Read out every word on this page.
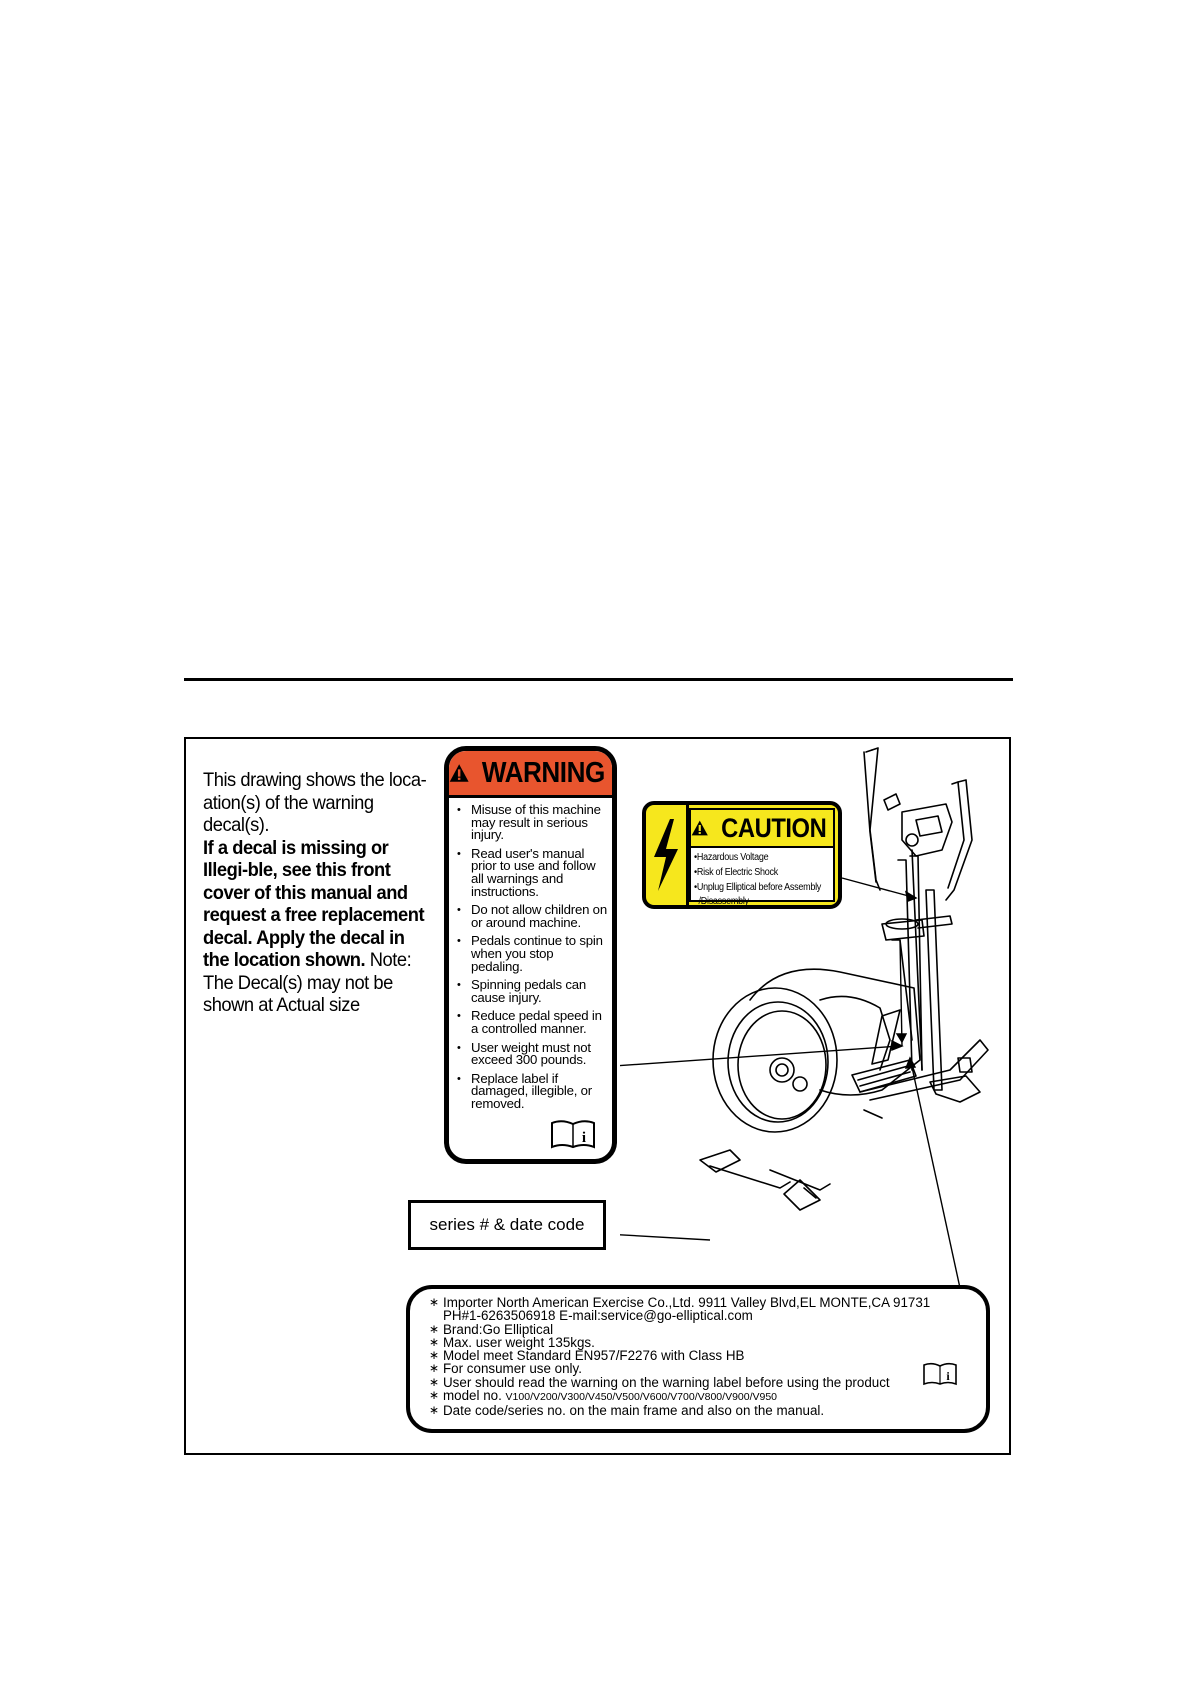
This drawing shows the loca-
ation(s) of the warning decal(s).
If a decal is missing or Illegi-ble, see this front cover of this manual and request a free replacement decal. Apply the decal in the location shown. Note: The Decal(s) may not be shown at Actual size

WARNING
• Misuse of this machine may result in serious injury.
• Read user's manual prior to use and follow all warnings and instructions.
• Do not allow children on or around machine.
• Pedals continue to spin when you stop pedaling.
• Spinning pedals can cause injury.
• Reduce pedal speed in a controlled manner.
• User weight must not exceed 300 pounds.
• Replace label if damaged, illegible, or removed.
i
CAUTION
•Hazardous Voltage
•Risk of Electric Shock
•Unplug Elliptical before Assembly
/Disassembly
series # & date code
∗ Importer North American Exercise Co.,Ltd. 9911 Valley Blvd,EL MONTE,CA 91731
PH#1-6263506918 E-mail:service@go-elliptical.com
∗ Brand:Go Elliptical
∗ Max. user weight 135kgs.
∗ Model meet Standard EN957/F2276 with Class HB
∗ For consumer use only.
∗ User should read the warning on the warning label before using the product
∗ model no. V100/V200/V300/V450/V500/V600/V700/V800/V900/V950
∗ Date code/series no. on the main frame and also on the manual.
i
